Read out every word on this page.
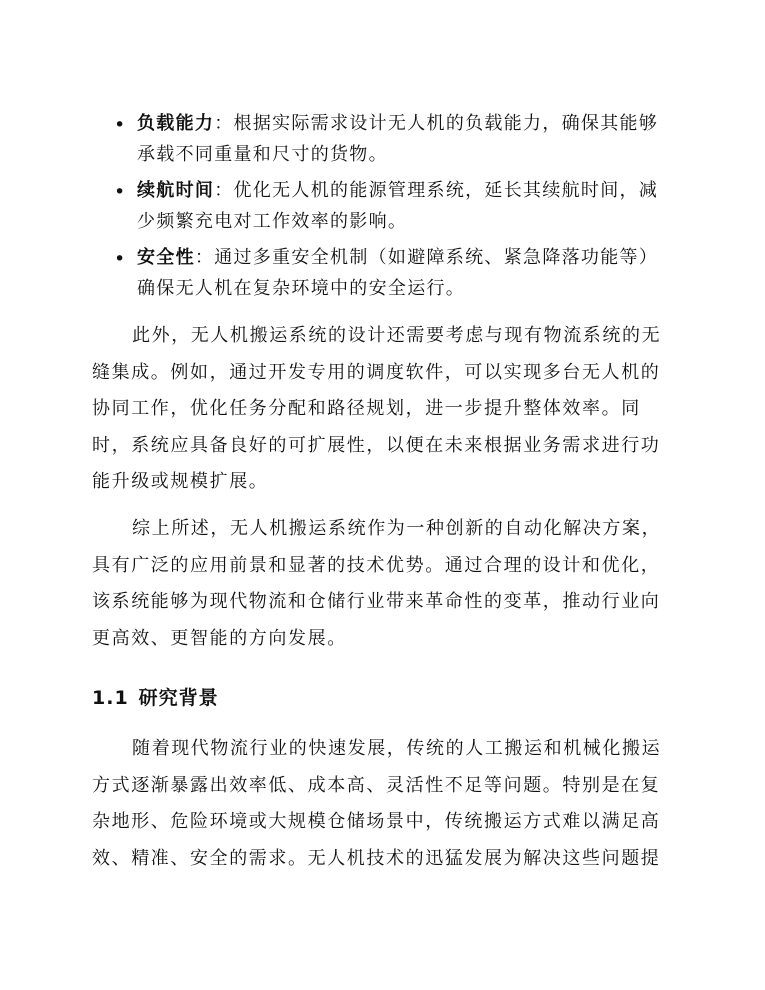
• 负载能力：根据实际需求设计无人机的负载能力，确保其能够承载不同重量和尺寸的货物。
• 续航时间：优化无人机的能源管理系统，延长其续航时间，减少频繁充电对工作效率的影响。
• 安全性：通过多重安全机制（如避障系统、紧急降落功能等）确保无人机在复杂环境中的安全运行。

此外，无人机搬运系统的设计还需要考虑与现有物流系统的无缝集成。例如，通过开发专用的调度软件，可以实现多台无人机的协同工作，优化任务分配和路径规划，进一步提升整体效率。同时，系统应具备良好的可扩展性，以便在未来根据业务需求进行功能升级或规模扩展。

综上所述，无人机搬运系统作为一种创新的自动化解决方案，具有广泛的应用前景和显著的技术优势。通过合理的设计和优化，该系统能够为现代物流和仓储行业带来革命性的变革，推动行业向更高效、更智能的方向发展。

1.1 研究背景

随着现代物流行业的快速发展，传统的人工搬运和机械化搬运方式逐渐暴露出效率低、成本高、灵活性不足等问题。特别是在复杂地形、危险环境或大规模仓储场景中，传统搬运方式难以满足高效、精准、安全的需求。无人机技术的迅猛发展为解决这些问题提
